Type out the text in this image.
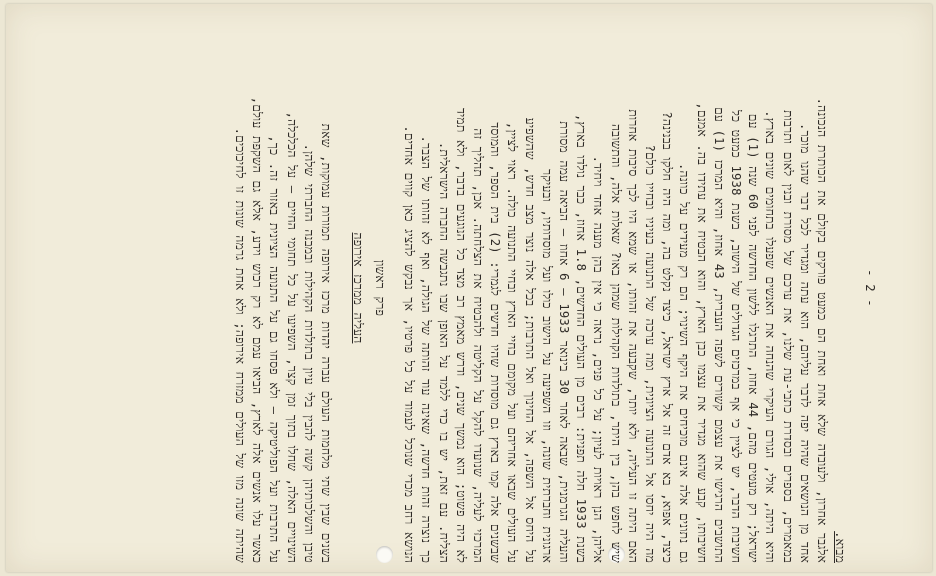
- 2 -
מבוא.
אלגבר אחרון, ולעובדה שלא אחת ואחת הם כמעט פורקים בקולם את הכותרת הנכונה.
אחד מן הנושאים שהיה יפה לדבר עליהם, הוא עתה ומגדיר לכל דבר שהנו מוכר.
במאמרים, בספרים ובסדרת כתבי-עת שלנו, את ערכם של מסורת ובנין לאום ותרבות
והיא היתה, אולי, הגורם העיקרי שהנחה את האנשים שפעלו בתחומים שונים בארץ.
ישראל; רק מעטים מהם, 44 אחוז, התרגלו ללשון החדשה לפני 60 שנה (1) עם
חשיבות הדבר, יש לציין כי אף במרכזים הגדולים של הישוב, בשנת 1938 כמעט כל
התושבים הרגישו את עצמם קשורים לשפה העברית, 43 אחוז, והיא המרכז (1) עם
חשיבותו, קבע שהוא מגדיר את עצמו כבן הארץ, והוא הבטיח את עתידו בה. אמנם,
גם נתונים אלה אינם מוכיחים את היקף השינוי; הם רק מעידים על כוונה.
כיצד, אפוא, בא אדם זה אל ארץ ישראל, כיצד נקלט בה, ומה היה חלקו בבנינה?
מה היה יחסו אל התנועה הציונית, ומה ערכה של התנועה בעיניו ובחייו כולם?
האם היתה זו העליה, ולא יותר, שקבעה את זהותו, או שמא היו לכך סיבות אחרות
שיש לחפש בהן, בין היתר, בתולדות הקהילות שמהן באו? שאלות אלה, והתשובה
אליהן, הנן ראויות לעיון; על כל פנים, נראה כי אין בהן מענה אחד ויחיד.
בשנת 1933 חלה תפנית: רבים מן העולים החדשים, 1.8 אחוז, כבר נולדו בארץ,
והעליה הגרמנית, שבאה לאחר 30 בינואר 1933 – 6 אחוז – הביאה עמה מסורת
ארגונית וחברתית שונה, וזו השפיעה על הישוב כולו ועל מוסדותיו, ובעיקר
על היחס אל השפה, אל החינוך ואל התרבות; בכל אלה נוצר מצב חדש, שהשפיע
על העולים שבאו אחריהם ועל מקומם בחיי הארץ ובחיי התנועה כולה. ראוי לציין,
שבשנים אלה קמו בארץ גם מוסדות שהיו חדשים לגמרי: (2) בית הספר, והמוסד
המרכזי לעליה, שנועדו להקל על הקליטה ולהבטיח את הצלחתה. אכן, תהליך זה
לא היה פשוט; הוא נמשך שנים, ודרש מאמץ רב מצד כל הנוגעים בדבר, ולא תמיד
הצליח. עם זאת, יש בו כדי ללמד על האופן שבו נתגבשה החברה הישראלית.
כך נוצרה זהות חדשה, שאינה עוד זהותה של הגולה, ואף לא זהותו של הצבר.
הנושא רחב מכדי שנוכל לעמוד על כל פרטיו, אך נבקש להציג כאן קווים אחדים.
פרק ראשון
העליה ממרכז אירופה
בשנים שבין שתי מלחמות העולם עברה יהדות מרכז אירופה תמורות עמוקות, שאת
טיבן והשלכותיהן קשה להבין בלי עיון בתולדות הקהילות ובמבנה החברתי שלהן.
השינויים האלה, שחלו בתוך זמן קצר, השפיעו על כל תחומי החיים – על הכלכלה,
על התרבות ועל הפוליטיקה – ולא פסחו גם על התנועה הציונית באזור זה. כך,
כאשר עלו אנשים אלה לארץ, הביאו עמם לא רק רכוש וידע, אלא גם השקפת עולם,
שהיתה שונה מזו של העולים ממזרח אירופה; ולא אחת גרמה שונות זו לחיכוכים.
